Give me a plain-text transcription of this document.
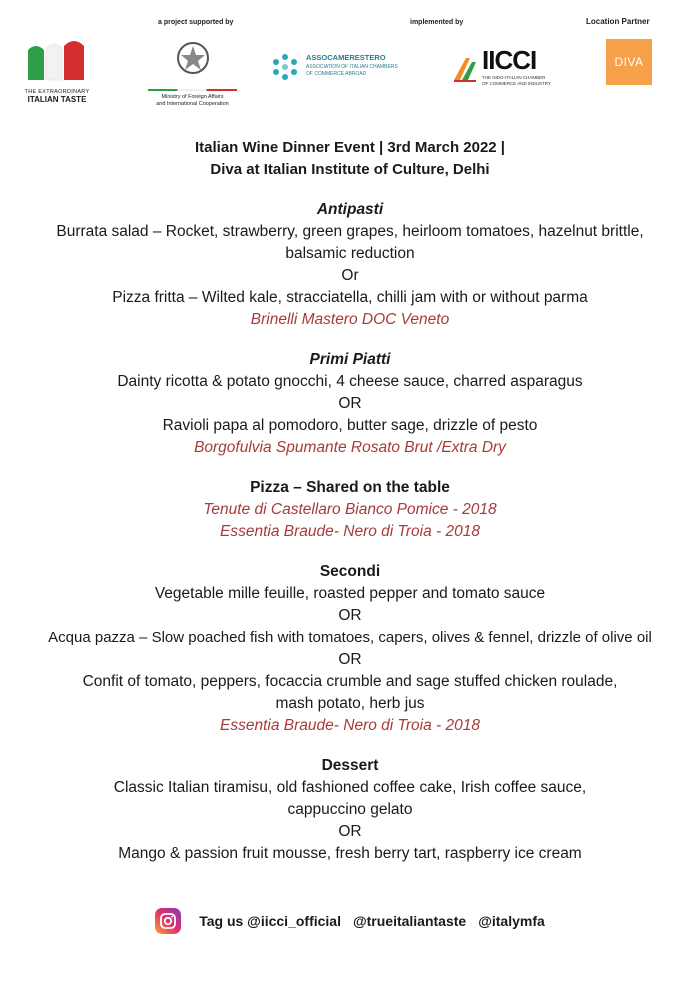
a project supported by	implemented by	Location Partner
THE EXTRAORDINARY
ITALIAN TASTE	Ministry of Foreign Affairs
and International Cooperation
ASSOCAMERESTERO
ASSOCIATION OF ITALIAN CHAMBERS
OF COMMERCE ABROAD	IICCI
THE INDO-ITALIAN CHAMBER
OF COMMERCE AND INDUSTRY
DIVA
Italian Wine Dinner Event | 3rd March 2022 |
Diva at Italian Institute of Culture, Delhi
Antipasti
Burrata salad – Rocket, strawberry, green grapes, heirloom tomatoes, hazelnut brittle,
balsamic reduction
Or
Pizza fritta – Wilted kale, stracciatella, chilli jam with or without parma
Brinelli Mastero DOC Veneto
Primi Piatti
Dainty ricotta & potato gnocchi, 4 cheese sauce, charred asparagus
OR
Ravioli papa al pomodoro, butter sage, drizzle of pesto
Borgofulvia Spumante Rosato Brut /Extra Dry
Pizza – Shared on the table
Tenute di Castellaro Bianco Pomice - 2018
Essentia Braude- Nero di Troia - 2018
Secondi
Vegetable mille feuille, roasted pepper and tomato sauce
OR
Acqua pazza – Slow poached fish with tomatoes, capers, olives & fennel, drizzle of olive oil
OR
Confit of tomato, peppers, focaccia crumble and sage stuffed chicken roulade,
mash potato, herb jus
Essentia Braude- Nero di Troia - 2018
Dessert
Classic Italian tiramisu, old fashioned coffee cake, Irish coffee sauce,
cappuccino gelato
OR
Mango & passion fruit mousse, fresh berry tart, raspberry ice cream
Tag us @iicci_official @trueitaliantaste @italymfa
